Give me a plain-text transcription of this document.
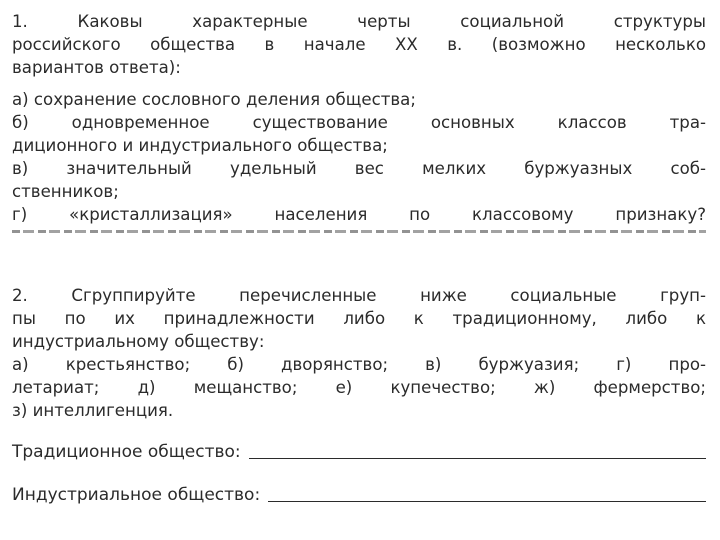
1. Каковы характерные черты социальной структуры
российского общества в начале XX в. (возможно несколько
вариантов ответа):
а) сохранение сословного деления общества;
б) одновременное существование основных классов тра-
диционного и индустриального общества;
в) значительный удельный вес мелких буржуазных соб-
ственников;
г) «кристаллизация» населения по классовому признаку?
2. Сгруппируйте перечисленные ниже социальные груп-
пы по их принадлежности либо к традиционному, либо к
индустриальному обществу:
а) крестьянство; б) дворянство; в) буржуазия; г) про-
летариат; д) мещанство; е) купечество; ж) фермерство;
з) интеллигенция.
Традиционное общество:
Индустриальное общество:
